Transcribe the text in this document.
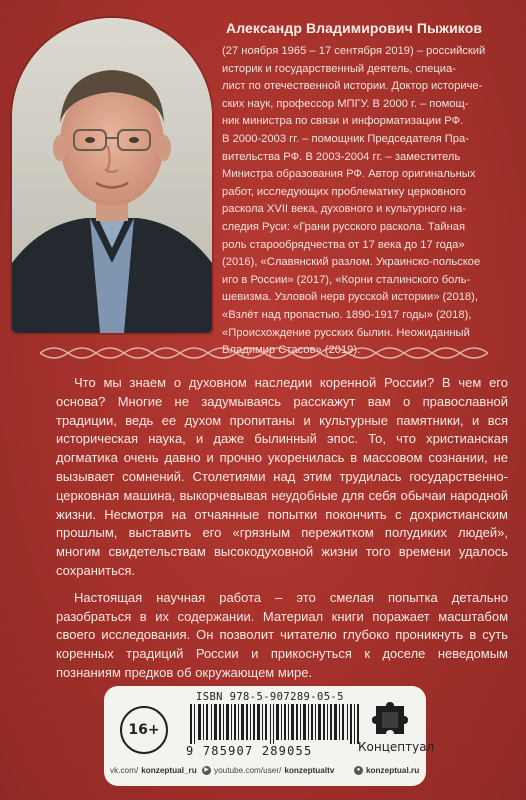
Александр Владимирович Пыжиков
(27 ноября 1965 – 17 сентября 2019) – российский
историк и государственный деятель, специа-
лист по отечественной истории. Доктор историче-
ских наук, профессор МПГУ. В 2000 г. – помощ-
ник министра по связи и информатизации РФ.
В 2000-2003 гг. – помощник Председателя Пра-
вительства РФ. В 2003-2004 гг. – заместитель
Министра образования РФ. Автор оригинальных
работ, исследующих проблематику церковного
раскола XVII века, духовного и культурного на-
следия Руси: «Грани русского раскола. Тайная
роль старообрядчества от 17 века до 17 года»
(2016), «Славянский разлом. Украинско-польское
иго в России» (2017), «Корни сталинского боль-
шевизма. Узловой нерв русской истории» (2018),
«Взлёт над пропастью. 1890-1917 годы» (2018),
«Происхождение русских былин. Неожиданный
Владимир Стасов» (2019).

Что мы знаем о духовном наследии коренной России? В чем его основа? Многие не задумываясь расскажут вам о православной традиции, ведь ее духом пропитаны и культурные памятники, и вся историческая наука, и даже былинный эпос. То, что христианская догматика очень давно и прочно укоренилась в массовом сознании, не вызывает сомнений. Столетиями над этим трудилась государственно-церковная машина, выкорчевывая неудобные для себя обычаи народной жизни. Несмотря на отчаянные попытки покончить с дохристианским прошлым, выставить его «грязным пережитком полудиких людей», многим свидетельствам высокодуховной жизни того времени удалось сохраниться.

Настоящая научная работа – это смелая попытка детально разобраться в их содержании. Материал книги поражает масштабом своего исследования. Он позволит читателю глубоко проникнуть в суть коренных традиций России и прикоснуться к доселе неведомым познаниям предков об окружающем мире.

ISBN 978-5-907289-05-5
9 785907 289055
16+
Концептуал
vk.com/ konzeptual_ru	▶ youtube.com/user/ konzeptualtv	● konzeptual.ru
